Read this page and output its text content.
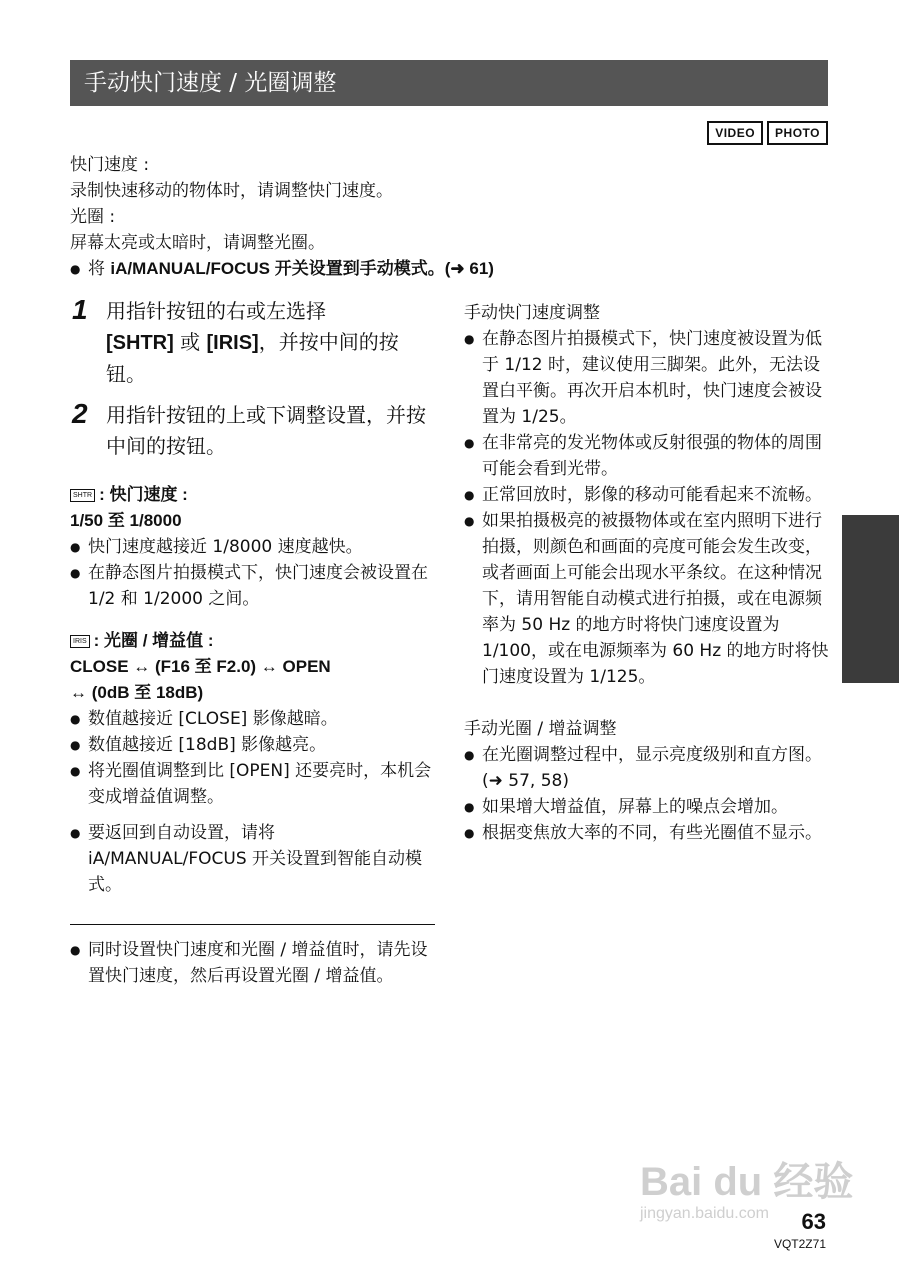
手动快门速度 / 光圈调整
VIDEO	PHOTO

快门速度 :

录制快速移动的物体时，请调整快门速度。

光圈 :

屏幕太亮或太暗时，请调整光圈。

● 将 iA/MANUAL/FOCUS 开关设置到手动模式。(➜ 61)

1 用指针按钮的右或左选择
[SHTR] 或 [IRIS]，并按中间的按钮。
2 用指针按钮的上或下调整设置，并按中间的按钮。

SHTR : 快门速度 :

1/50 至 1/8000

● 快门速度越接近 1/8000 速度越快。

● 在静态图片拍摄模式下，快门速度会被设置在 1/2 和 1/2000 之间。

IRIS : 光圈 / 增益值 :

CLOSE ↔ (F16 至 F2.0) ↔ OPEN

↔ (0dB 至 18dB)

● 数值越接近 [CLOSE] 影像越暗。

● 数值越接近 [18dB] 影像越亮。

● 将光圈值调整到比 [OPEN] 还要亮时，本机会变成增益值调整。

● 要返回到自动设置，请将 iA/MANUAL/FOCUS 开关设置到智能自动模式。

● 同时设置快门速度和光圈 / 增益值时，请先设置快门速度，然后再设置光圈 / 增益值。

手动快门速度调整

● 在静态图片拍摄模式下，快门速度被设置为低于 1/12 时，建议使用三脚架。此外，无法设置白平衡。再次开启本机时，快门速度会被设置为 1/25。

● 在非常亮的发光物体或反射很强的物体的周围可能会看到光带。

● 正常回放时，影像的移动可能看起来不流畅。

● 如果拍摄极亮的被摄物体或在室内照明下进行拍摄，则颜色和画面的亮度可能会发生改变，或者画面上可能会出现水平条纹。在这种情况下，请用智能自动模式进行拍摄，或在电源频率为 50 Hz 的地方时将快门速度设置为 1/100，或在电源频率为 60 Hz 的地方时将快门速度设置为 1/125。

手动光圈 / 增益调整

● 在光圈调整过程中，显示亮度级别和直方图。(➜ 57, 58)

● 如果增大增益值，屏幕上的噪点会增加。

● 根据变焦放大率的不同，有些光圈值不显示。

Bai du 经验
jingyan.baidu.com 63
VQT2Z71
